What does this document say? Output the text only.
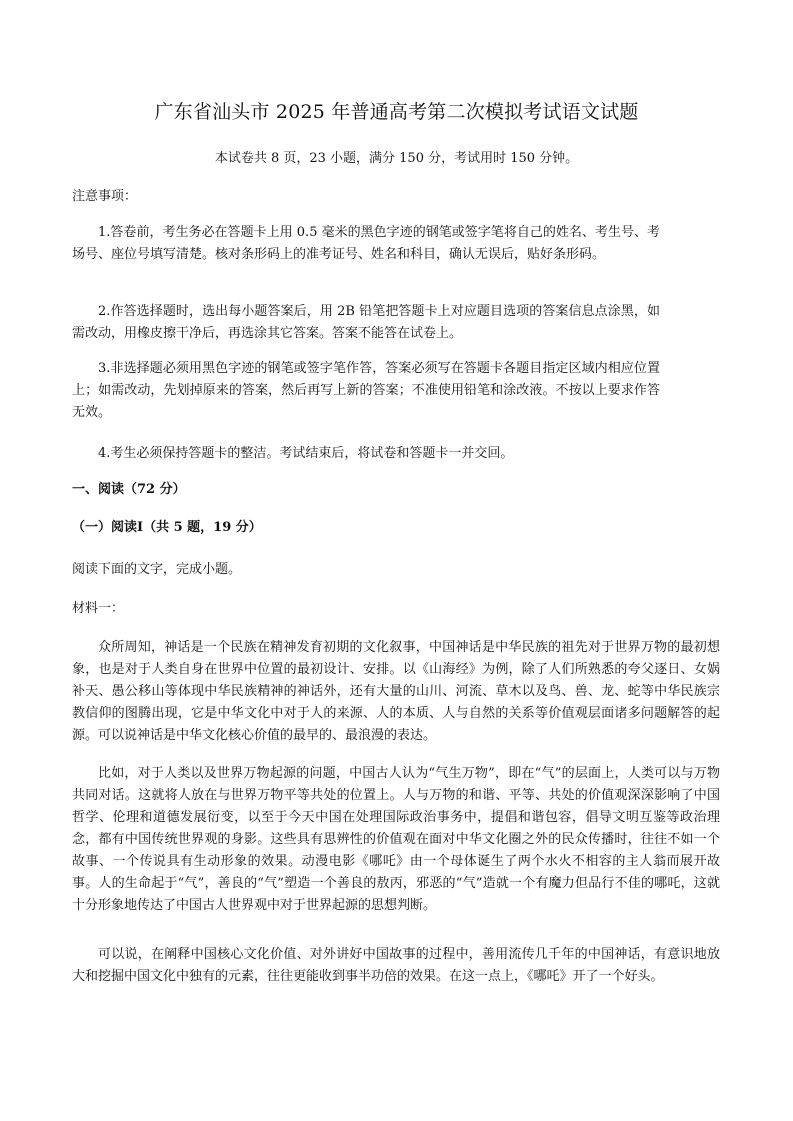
广东省汕头市 2025 年普通高考第二次模拟考试语文试题

本试卷共 8 页，23 小题，满分 150 分，考试用时 150 分钟。

注意事项：

1.答卷前，考生务必在答题卡上用 0.5 毫米的黑色字迹的钢笔或签字笔将自己的姓名、考生号、考场号、座位号填写清楚。核对条形码上的准考证号、姓名和科目，确认无误后，贴好条形码。

2.作答选择题时，选出每小题答案后，用 2B 铅笔把答题卡上对应题目选项的答案信息点涂黑，如需改动，用橡皮擦干净后，再选涂其它答案。答案不能答在试卷上。

3.非选择题必须用黑色字迹的钢笔或签字笔作答，答案必须写在答题卡各题目指定区域内相应位置上；如需改动，先划掉原来的答案，然后再写上新的答案；不准使用铅笔和涂改液。不按以上要求作答无效。

4.考生必须保持答题卡的整洁。考试结束后，将试卷和答题卡一并交回。

一、阅读（72 分）

（一）阅读Ⅰ（共 5 题，19 分）

阅读下面的文字，完成小题。

材料一：

众所周知，神话是一个民族在精神发育初期的文化叙事，中国神话是中华民族的祖先对于世界万物的最初想象，也是对于人类自身在世界中位置的最初设计、安排。以《山海经》为例，除了人们所熟悉的夸父逐日、女娲补天、愚公移山等体现中华民族精神的神话外，还有大量的山川、河流、草木以及鸟、兽、龙、蛇等中华民族宗教信仰的图腾出现，它是中华文化中对于人的来源、人的本质、人与自然的关系等价值观层面诸多问题解答的起源。可以说神话是中华文化核心价值的最早的、最浪漫的表达。

比如，对于人类以及世界万物起源的问题，中国古人认为“气生万物”，即在“气”的层面上，人类可以与万物共同对话。这就将人放在与世界万物平等共处的位置上。人与万物的和谐、平等、共处的价值观深深影响了中国哲学、伦理和道德发展衍变，以至于今天中国在处理国际政治事务中，提倡和谐包容，倡导文明互鉴等政治理念，都有中国传统世界观的身影。这些具有思辨性的价值观在面对中华文化圈之外的民众传播时，往往不如一个故事、一个传说具有生动形象的效果。动漫电影《哪吒》由一个母体诞生了两个水火不相容的主人翁而展开故事。人的生命起于“气”，善良的“气”塑造一个善良的敖丙，邪恶的“气”造就一个有魔力但品行不佳的哪吒，这就十分形象地传达了中国古人世界观中对于世界起源的思想判断。

可以说，在阐释中国核心文化价值、对外讲好中国故事的过程中，善用流传几千年的中国神话，有意识地放大和挖掘中国文化中独有的元素，往往更能收到事半功倍的效果。在这一点上，《哪吒》开了一个好头。
